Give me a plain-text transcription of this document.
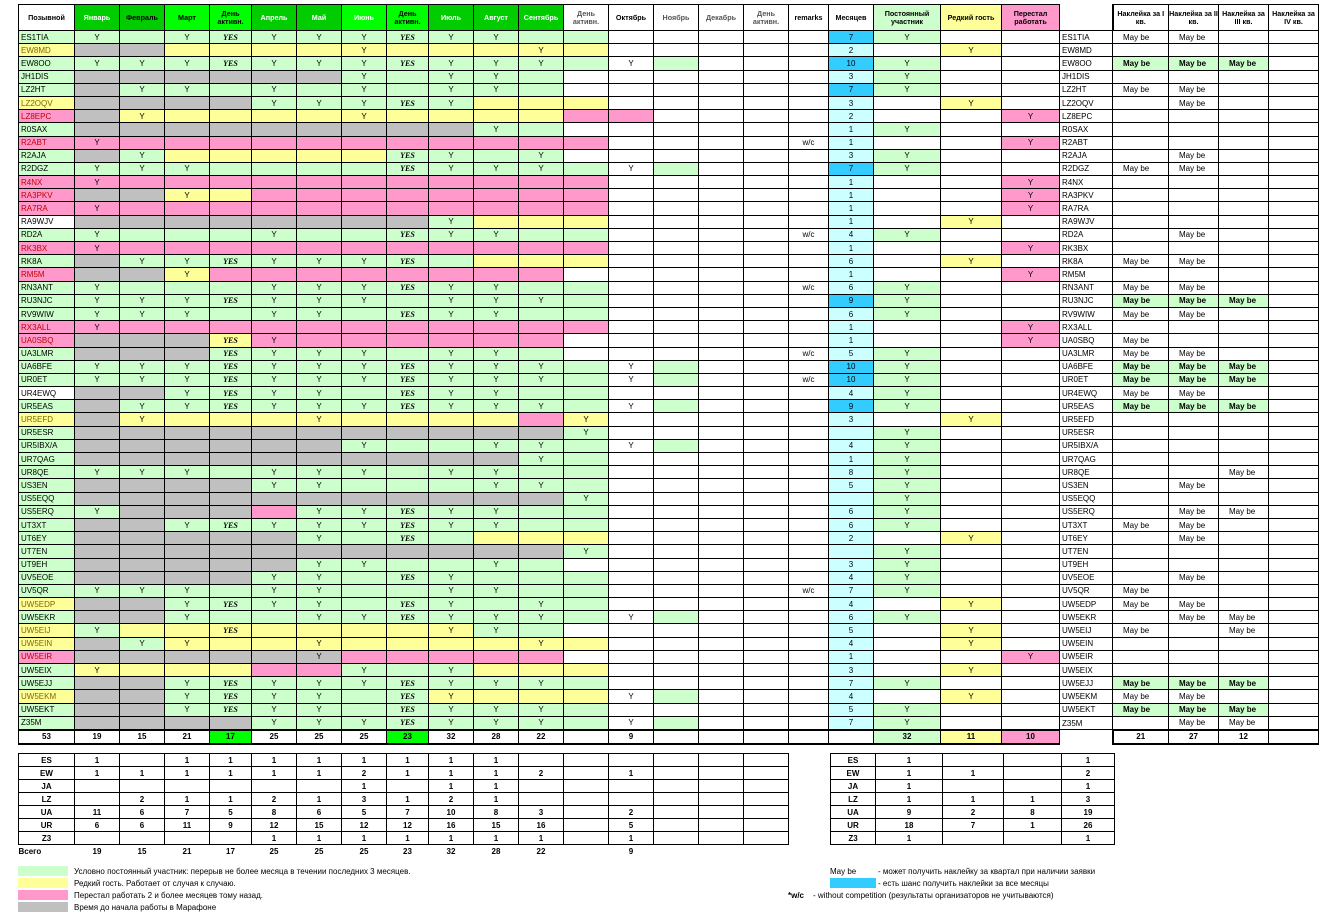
Позывной	Январь	Февраль	Март	День активн.	Апрель	Май	Июнь	День активн.	Июль	Август	Сентябрь	День активн.	Октябрь	Ноябрь	Декабрь	День активн.	remarks	Месяцев	Постоянный участник	Редкий гость	Перестал работать		Наклейка за I кв.	Наклейка за II кв.	Наклейка за III кв.	Наклейка за IV кв.
ES1TIA	Y		Y	YES	Y	Y	Y	YES	Y	Y								7	Y			ES1TIA	May be	May be		
EW8MD							Y				Y							2		Y		EW8MD				
EW8OO	Y	Y	Y	YES	Y	Y	Y	YES	Y	Y	Y		Y					10	Y			EW8OO	May be	May be	May be	
JH1DIS							Y		Y	Y								3	Y			JH1DIS				
LZ2HT		Y	Y		Y		Y		Y	Y								7	Y			LZ2HT	May be	May be		
LZ2OQV					Y	Y	Y	YES	Y									3		Y		LZ2OQV		May be		
LZ8EPC		Y					Y											2			Y	LZ8EPC				
R0SAX										Y								1	Y			R0SAX				
R2ABT	Y																w/c	1			Y	R2ABT				
R2AJA		Y						YES	Y		Y							3	Y			R2AJA		May be		
R2DGZ	Y	Y	Y					YES	Y	Y	Y		Y					7	Y			R2DGZ	May be	May be		
R4NX	Y																	1			Y	R4NX				
RA3PKV			Y															1			Y	RA3PKV				
RA7RA	Y																	1			Y	RA7RA				
RA9WJV									Y									1		Y		RA9WJV				
RD2A	Y				Y			YES	Y	Y							w/c	4	Y			RD2A		May be		
RK3BX	Y																	1			Y	RK3BX				
RK8A		Y	Y	YES	Y	Y	Y	YES										6		Y		RK8A	May be	May be		
RM5M			Y															1			Y	RM5M				
RN3ANT	Y				Y	Y	Y	YES	Y	Y							w/c	6	Y			RN3ANT	May be	May be		
RU3NJC	Y	Y	Y	YES	Y	Y	Y		Y	Y	Y							9	Y			RU3NJC	May be	May be	May be	
RV9WIW	Y	Y	Y		Y	Y		YES	Y	Y								6	Y			RV9WIW	May be	May be		
RX3ALL	Y																	1			Y	RX3ALL				
UA0SBQ				YES	Y													1			Y	UA0SBQ	May be			
UA3LMR				YES	Y	Y	Y		Y	Y							w/c	5	Y			UA3LMR	May be	May be		
UA6BFE	Y	Y	Y	YES	Y	Y	Y	YES	Y	Y	Y		Y					10	Y			UA6BFE	May be	May be	May be	
UR0ET	Y	Y	Y	YES	Y	Y	Y	YES	Y	Y	Y		Y				w/c	10	Y			UR0ET	May be	May be	May be	
UR4EWQ			Y	YES	Y	Y		YES	Y	Y								4	Y			UR4EWQ	May be	May be		
UR5EAS		Y	Y	YES	Y	Y	Y	YES	Y	Y	Y		Y					9	Y			UR5EAS	May be	May be	May be	
UR5EFD		Y				Y						Y						3		Y		UR5EFD				
UR5ESR												Y							Y			UR5ESR				
UR5IBX/A							Y			Y	Y		Y					4	Y			UR5IBX/A				
UR7QAG											Y							1	Y			UR7QAG				
UR8QE	Y	Y	Y		Y	Y	Y		Y	Y								8	Y			UR8QE			May be	
US3EN					Y	Y				Y	Y							5	Y			US3EN		May be		
US5EQQ												Y							Y			US5EQQ				
US5ERQ	Y					Y	Y	YES	Y	Y								6	Y			US5ERQ		May be	May be	
UT3XT			Y	YES	Y	Y	Y	YES	Y	Y								6	Y			UT3XT	May be	May be		
UT6EY						Y		YES										2		Y		UT6EY		May be		
UT7EN												Y							Y			UT7EN				
UT9EH						Y	Y			Y								3	Y			UT9EH				
UV5EOE					Y	Y		YES	Y									4	Y			UV5EOE		May be		
UV5QR	Y	Y	Y		Y	Y			Y	Y							w/c	7	Y			UV5QR	May be			
UW5EDP			Y	YES	Y	Y		YES	Y		Y							4		Y		UW5EDP	May be	May be		
UW5EKR			Y			Y	Y	YES	Y	Y	Y		Y					6	Y			UW5EKR		May be	May be	
UW5EIJ	Y			YES					Y	Y								5		Y		UW5EIJ	May be		May be	
UW5EIN		Y	Y			Y					Y							4		Y		UW5EIN				
UW5EIR						Y												1			Y	UW5EIR				
UW5EIX	Y						Y		Y									3		Y		UW5EIX				
UW5EJJ			Y	YES	Y	Y	Y	YES	Y	Y	Y							7	Y			UW5EJJ	May be	May be	May be	
UW5EKM			Y	YES	Y	Y		YES	Y				Y					4		Y		UW5EKM	May be	May be		
UW5EKT			Y	YES	Y	Y		YES	Y	Y	Y							5	Y			UW5EKT	May be	May be	May be	
Z35M					Y	Y	Y	YES	Y	Y	Y		Y					7	Y			Z35M		May be	May be	
53	19	15	21	17	25	25	25	23	32	28	22		9						32	11	10		21	27	12	
ES	1		1	1	1	1	1	1	1	1						
EW	1	1	1	1	1	1	2	1	1	1	2		1			
JA							1		1	1						
LZ		2	1	1	2	1	3	1	2	1						
UA	11	6	7	5	8	6	5	7	10	8	3		2			
UR	6	6	11	9	12	15	12	12	16	15	16		5			
Z3					1	1	1	1	1	1	1		1			
Всего	19	15	21	17	25	25	25	23	32	28	22		9			
ES	1			1
EW	1	1		2
JA	1			1
LZ	1	1	1	3
UA	9	2	8	19
UR	18	7	1	26
Z3	1			1
Условно постоянный участник: перерыв не более месяца в течении последних 3 месяцев.
Редкий гость. Работает от случая к случаю.
Перестал работать 2 и более месяцев тому назад.
Время до начала работы в Марафоне
May be	- может получить наклейку за квартал при наличии заявки
- есть шанс получить наклейки за все месяцы
*w/c - without competition (результаты организаторов не учитываются)
